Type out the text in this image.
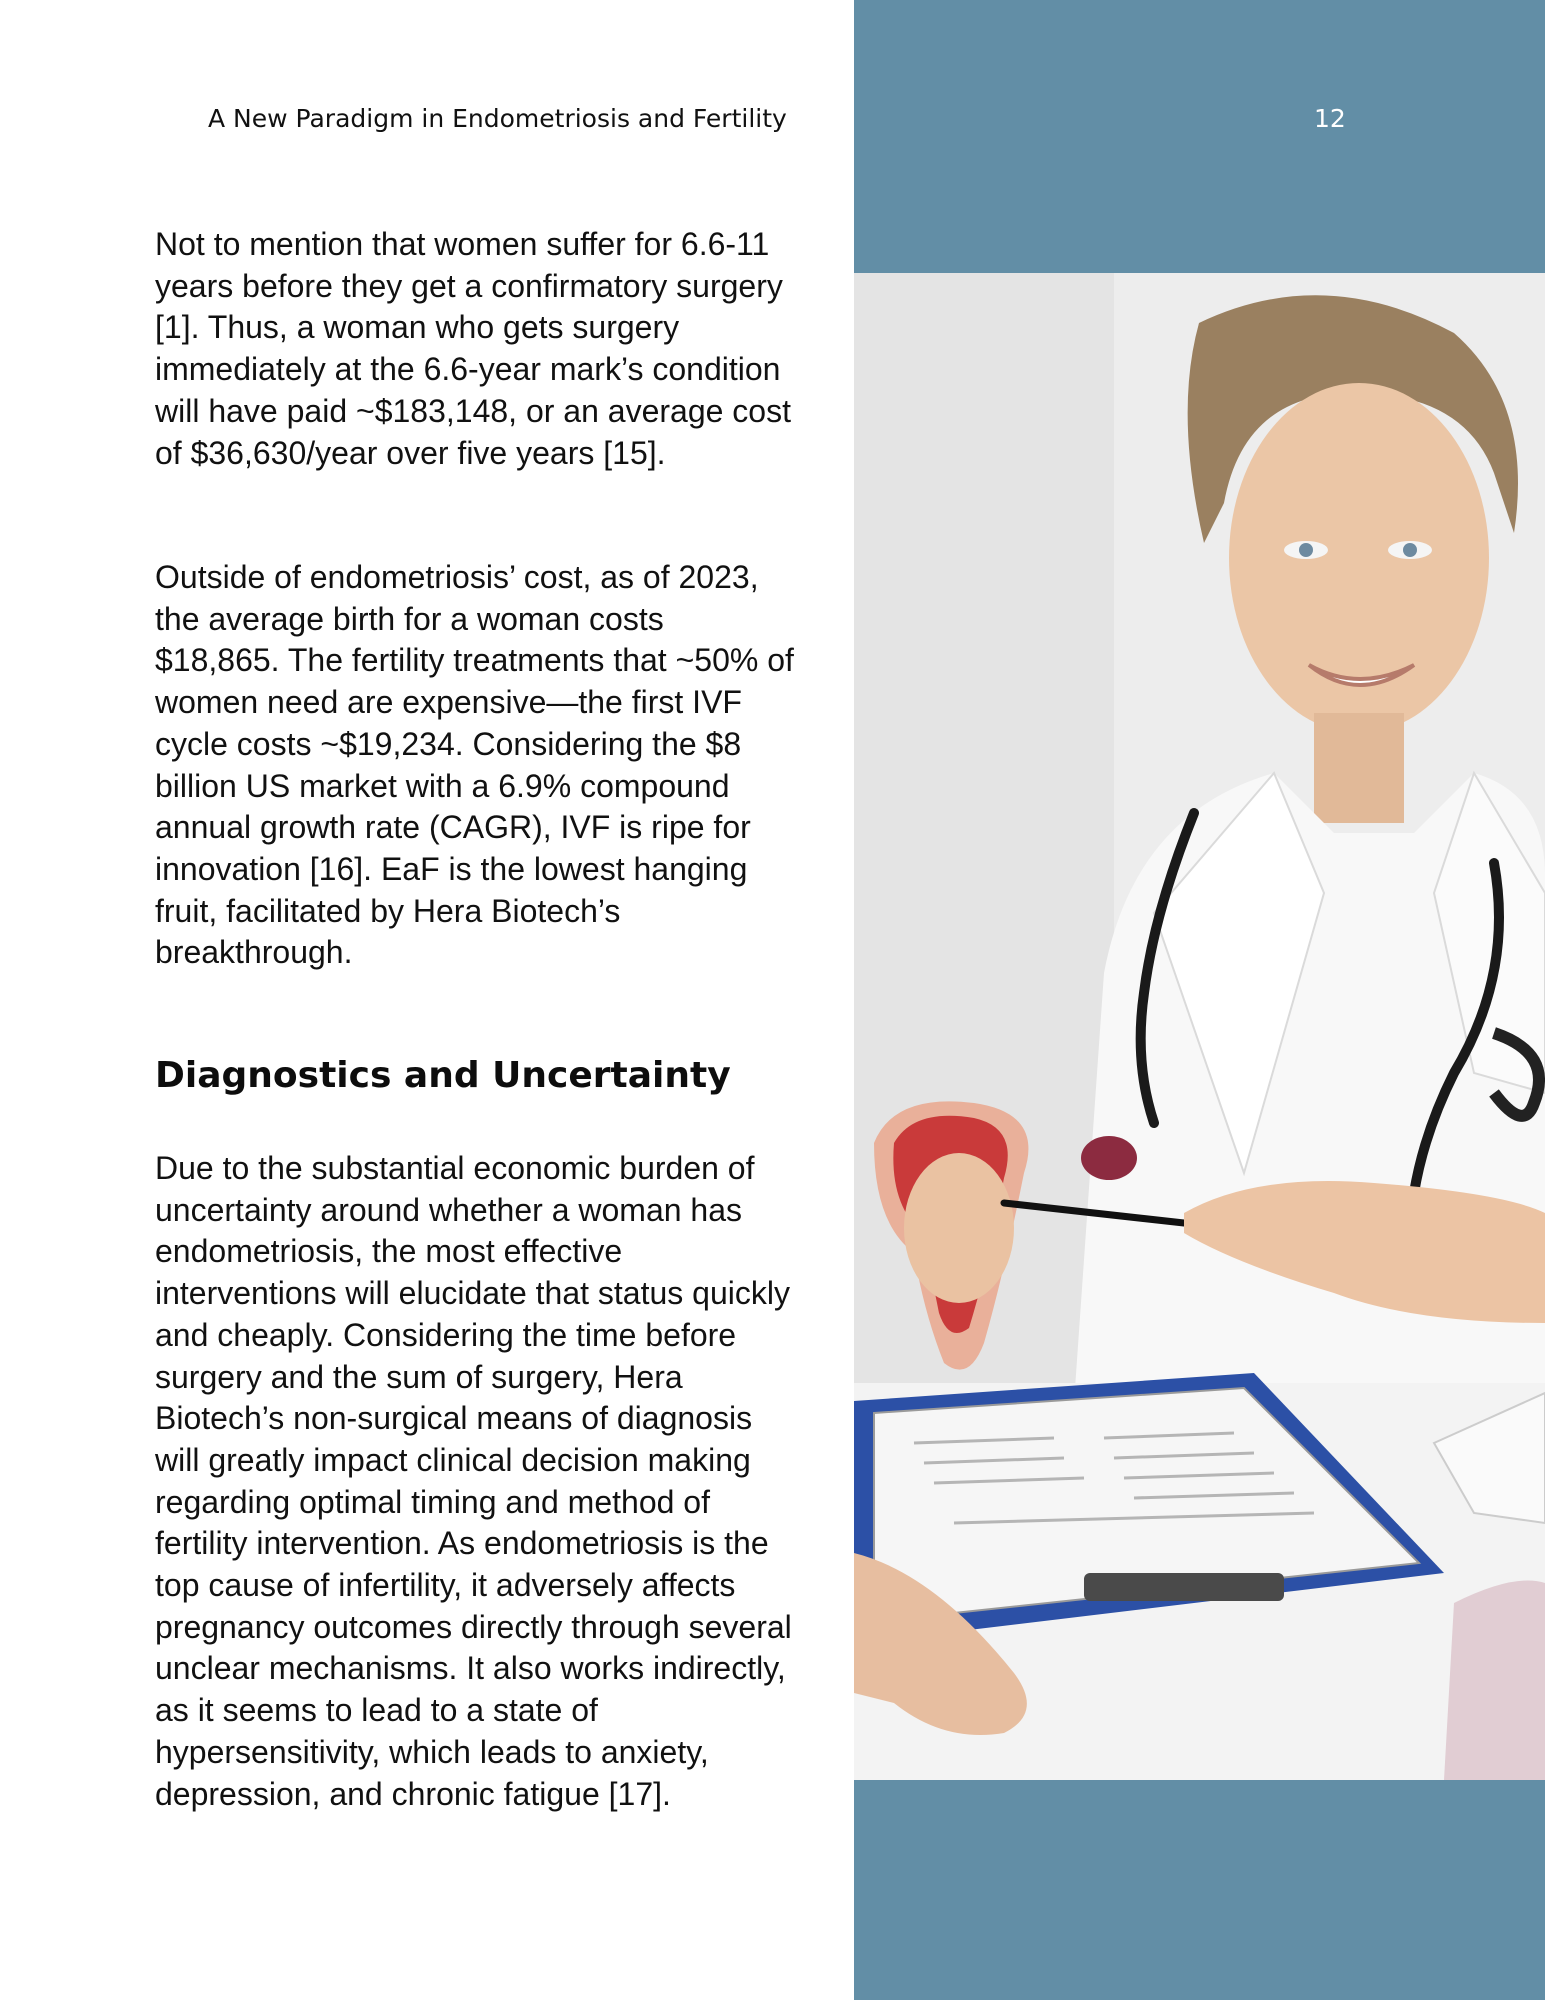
A New Paradigm in Endometriosis and Fertility	12

Not to mention that women suffer for 6.6-11 years before they get a confirmatory surgery [1]. Thus, a woman who gets surgery immediately at the 6.6-year mark’s condition will have paid ~$183,148, or an average cost of $36,630/year over five years [15].

Outside of endometriosis’ cost, as of 2023, the average birth for a woman costs $18,865. The fertility treatments that ~50% of women need are expensive—the first IVF cycle costs ~$19,234. Considering the $8 billion US market with a 6.9% compound annual growth rate (CAGR), IVF is ripe for innovation [16]. EaF is the lowest hanging fruit, facilitated by Hera Biotech’s breakthrough.

Diagnostics and Uncertainty

Due to the substantial economic burden of uncertainty around whether a woman has endometriosis, the most effective interventions will elucidate that status quickly and cheaply. Considering the time before surgery and the sum of surgery, Hera Biotech’s non-surgical means of diagnosis will greatly impact clinical decision making regarding optimal timing and method of fertility intervention. As endometriosis is the top cause of infertility, it adversely affects pregnancy outcomes directly through several unclear mechanisms. It also works indirectly, as it seems to lead to a state of hypersensitivity, which leads to anxiety, depression, and chronic fatigue [17].
